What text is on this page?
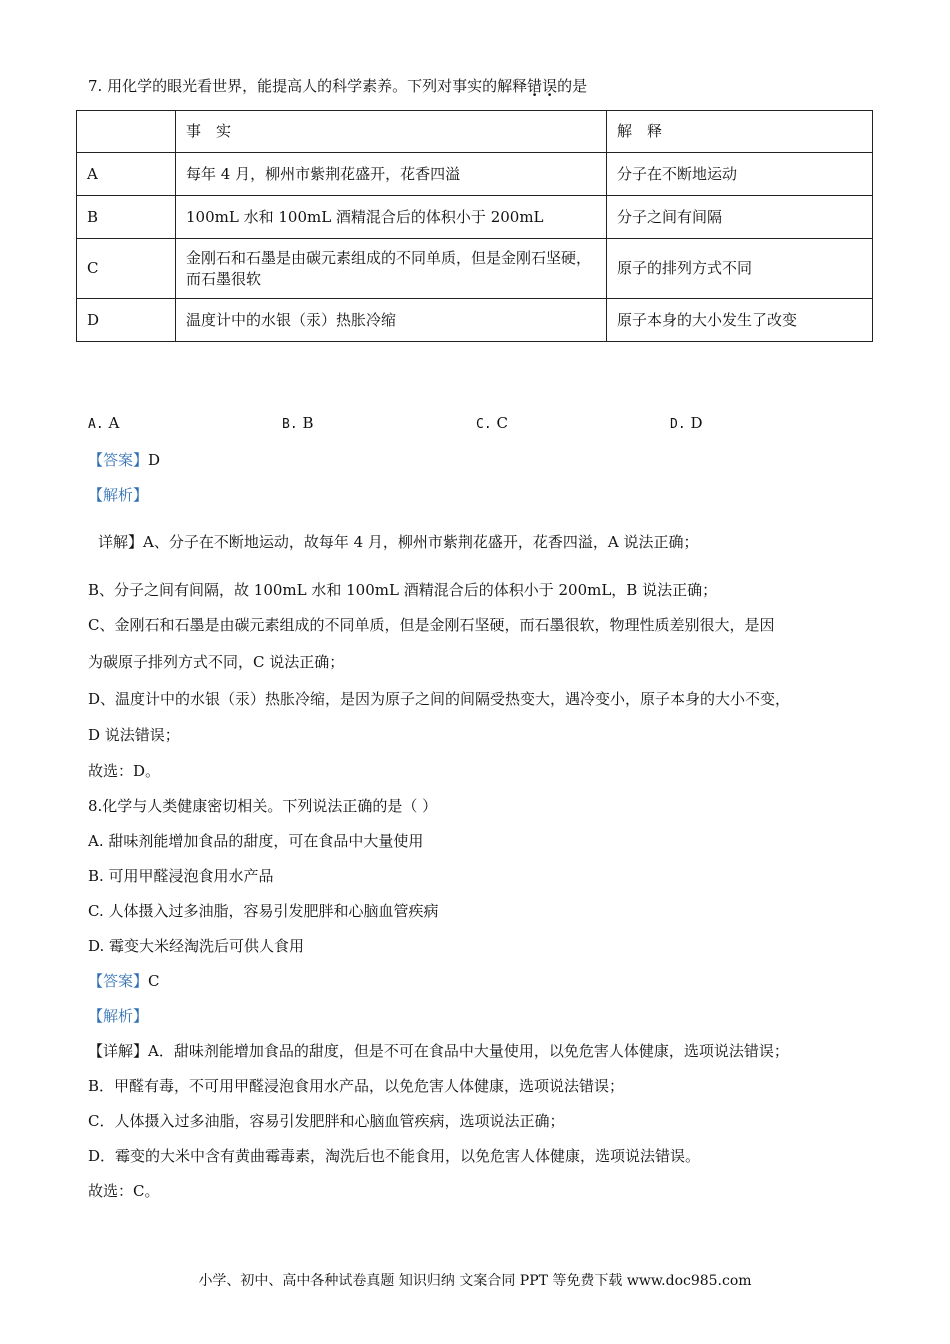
7. 用化学的眼光看世界，能提高人的科学素养。下列对事实的解释错误的是
	事　实	解　释
A	每年 4 月，柳州市紫荆花盛开，花香四溢	分子在不断地运动
B	100mL 水和 100mL 酒精混合后的体积小于 200mL	分子之间有间隔
C	金刚石和石墨是由碳元素组成的不同单质，但是金刚石坚硬，而石墨很软	原子的排列方式不同
D	温度计中的水银（汞）热胀冷缩	原子本身的大小发生了改变
A. A	B. B	C. C	D. D
【答案】D
【解析】
详解】A、分子在不断地运动，故每年 4 月，柳州市紫荆花盛开，花香四溢，A 说法正确；
B、分子之间有间隔，故 100mL 水和 100mL 酒精混合后的体积小于 200mL，B 说法正确；
C、金刚石和石墨是由碳元素组成的不同单质，但是金刚石坚硬，而石墨很软，物理性质差别很大，是因
为碳原子排列方式不同，C 说法正确；
D、温度计中的水银（汞）热胀冷缩，是因为原子之间的间隔受热变大，遇冷变小，原子本身的大小不变，
D 说法错误；
故选：D。
8.化学与人类健康密切相关。下列说法正确的是（ ）
A. 甜味剂能增加食品的甜度，可在食品中大量使用
B. 可用甲醛浸泡食用水产品
C. 人体摄入过多油脂，容易引发肥胖和心脑血管疾病
D. 霉变大米经淘洗后可供人食用
【答案】C
【解析】
【详解】A．甜味剂能增加食品的甜度，但是不可在食品中大量使用，以免危害人体健康，选项说法错误；
B．甲醛有毒，不可用甲醛浸泡食用水产品，以免危害人体健康，选项说法错误；
C．人体摄入过多油脂，容易引发肥胖和心脑血管疾病，选项说法正确；
D．霉变的大米中含有黄曲霉毒素，淘洗后也不能食用，以免危害人体健康，选项说法错误。
故选：C。
小学、初中、高中各种试卷真题 知识归纳 文案合同 PPT 等免费下载 www.doc985.com
